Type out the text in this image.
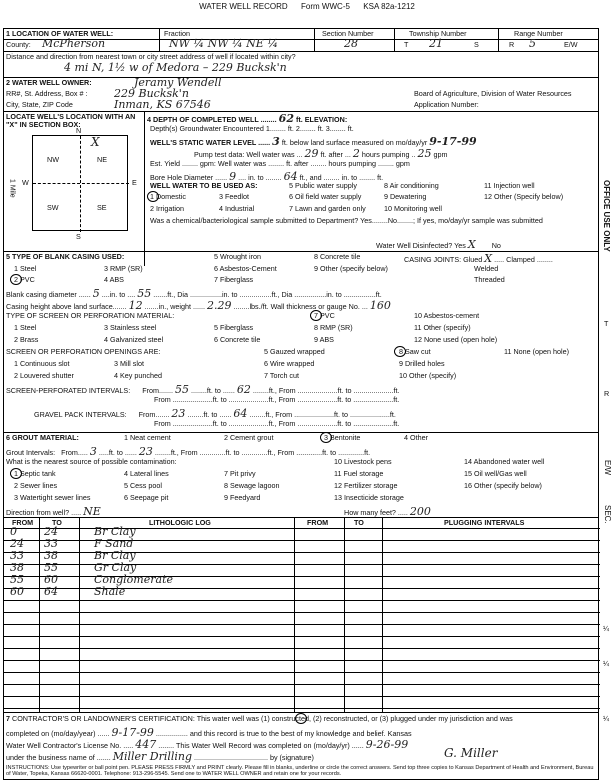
WATER WELL RECORD Form WWC-5 KSA 82a-1212
1 LOCATION OF WATER WELL:	Fraction	Section Number	Township Number	Range Number
County: McPherson	NW ¼ NW ¼ NE ¼	28	T 21	S	R 5	E/W
Distance and direction from nearest town or city street address of well if located within city?
4 mi N, 1½ w of Medora – 229 Bucksk'n
2 WATER WELL OWNER:	Jeramy Wendell
RR#, St. Address, Box # : 229 Bucksk'n	Board of Agriculture, Division of Water Resources
City, State, ZIP Code	Inman, KS 67546	Application Number:
LOCATE WELL'S LOCATION WITH AN "X" IN SECTION BOX:
NW	NE
SW	SE
X
N
W	E
S
1 Mile
4 DEPTH OF COMPLETED WELL ........ 62 ft. ELEVATION:
Depth(s) Groundwater Encountered 1........ ft. 2........ ft. 3........ ft.
WELL'S STATIC WATER LEVEL ...... 3 ft. below land surface measured on mo/day/yr 9-17-99
Pump test data: Well water was ... 29 ft. after ... 2 hours pumping .. 25 gpm
Est. Yield ........ gpm: Well water was ........ ft. after ........ hours pumping ........ gpm
Bore Hole Diameter ...... 9 .... in. to ........ 64 ft., and ........ in. to ........ ft.
WELL WATER TO BE USED AS:
1 Domestic
2 Irrigation
3 Feedlot
4 Industrial
5 Public water supply
6 Oil field water supply
7 Lawn and garden only
8 Air conditioning
9 Dewatering
10 Monitoring well
11 Injection well
12 Other (Specify below)
Was a chemical/bacteriological sample submitted to Department? Yes........No........; If yes, mo/day/yr sample was submitted
Water Well Disinfected? Yes X No
5 TYPE OF BLANK CASING USED:
1 Steel
2 PVC
3 RMP (SR)
4 ABS
5 Wrought iron
6 Asbestos-Cement
7 Fiberglass
8 Concrete tile
9 Other (specify below)
CASING JOINTS: Glued X ..... Clamped ........
Welded
Threaded
Blank casing diameter ...... 5 ....in. to .... 55 .......ft., Dia ................in. to ................ft., Dia ................in. to ................ft.
Casing height above land surface....... 12 .......in., weight ...... 2.29 ........lbs./ft. Wall thickness or gauge No. ... 160
TYPE OF SCREEN OR PERFORATION MATERIAL:
1 Steel
2 Brass
3 Stainless steel
4 Galvanized steel
5 Fiberglass
6 Concrete tile
7 PVC
8 RMP (SR)
9 ABS
10 Asbestos-cement
11 Other (specify)
12 None used (open hole)
SCREEN OR PERFORATION OPENINGS ARE:
1 Continuous slot
2 Louvered shutter
3 Mill slot
4 Key punched
5 Gauzed wrapped
6 Wire wrapped
7 Torch cut
8 Saw cut
9 Drilled holes
10 Other (specify)
11 None (open hole)
SCREEN-PERFORATED INTERVALS:      From....... 55 ........ft. to ...... 62 ........ft., From ....................ft. to ....................ft.
From ....................ft. to ....................ft., From ....................ft. to ....................ft.
GRAVEL PACK INTERVALS:      From....... 23 ........ft. to ...... 64 ........ft., From ....................ft. to ....................ft.
From ....................ft. to ....................ft., From ....................ft. to ....................ft.
6 GROUT MATERIAL:	1 Neat cement	2 Cement grout	3 Bentonite	4 Other
Grout Intervals:   From..... 3 .....ft. to ...... 23 ........ft., From .............ft. to .............ft., From .............ft. to .............ft.
What is the nearest source of possible contamination:
1 Septic tank
2 Sewer lines
3 Watertight sewer lines
4 Lateral lines
5 Cess pool
6 Seepage pit
7 Pit privy
8 Sewage lagoon
9 Feedyard
10 Livestock pens
11 Fuel storage
12 Fertilizer storage
13 Insecticide storage
14 Abandoned water well
15 Oil well/Gas well
16 Other (specify below)
Direction from well? ..... NE	How many feet? ..... 200
FROM	TO	LITHOLOGIC LOG	FROM	TO	PLUGGING INTERVALS
0 24	Br Clay
24 33	F Sand
33 38	Br Clay
38 55	Gr Clay
55 60	Conglomerate
60 64	Shale
7 CONTRACTOR'S OR LANDOWNER'S CERTIFICATION: This water well was (1) constructed, (2) reconstructed, or (3) plugged under my jurisdiction and was
completed on (mo/day/year) ...... 9-17-99 ................ and this record is true to the best of my knowledge and belief. Kansas
Water Well Contractor's License No. ..... 447 ........ This Water Well Record was completed on (mo/day/yr) ...... 9-26-99
under the business name of ....... Miller Drilling ..................................... by (signature)	G. Miller
INSTRUCTIONS: Use typewriter or ball point pen. PLEASE PRESS FIRMLY and PRINT clearly. Please fill in blanks, underline or circle the correct answers. Send top three copies to Kansas Department of Health and Environment, Bureau of Water, Topeka, Kansas 66620-0001. Telephone: 913-296-5545. Send one to WATER WELL OWNER and retain one for your records.
OFFICE USE ONLY
T
R
E/W
SEC.
¼
¼
¼
